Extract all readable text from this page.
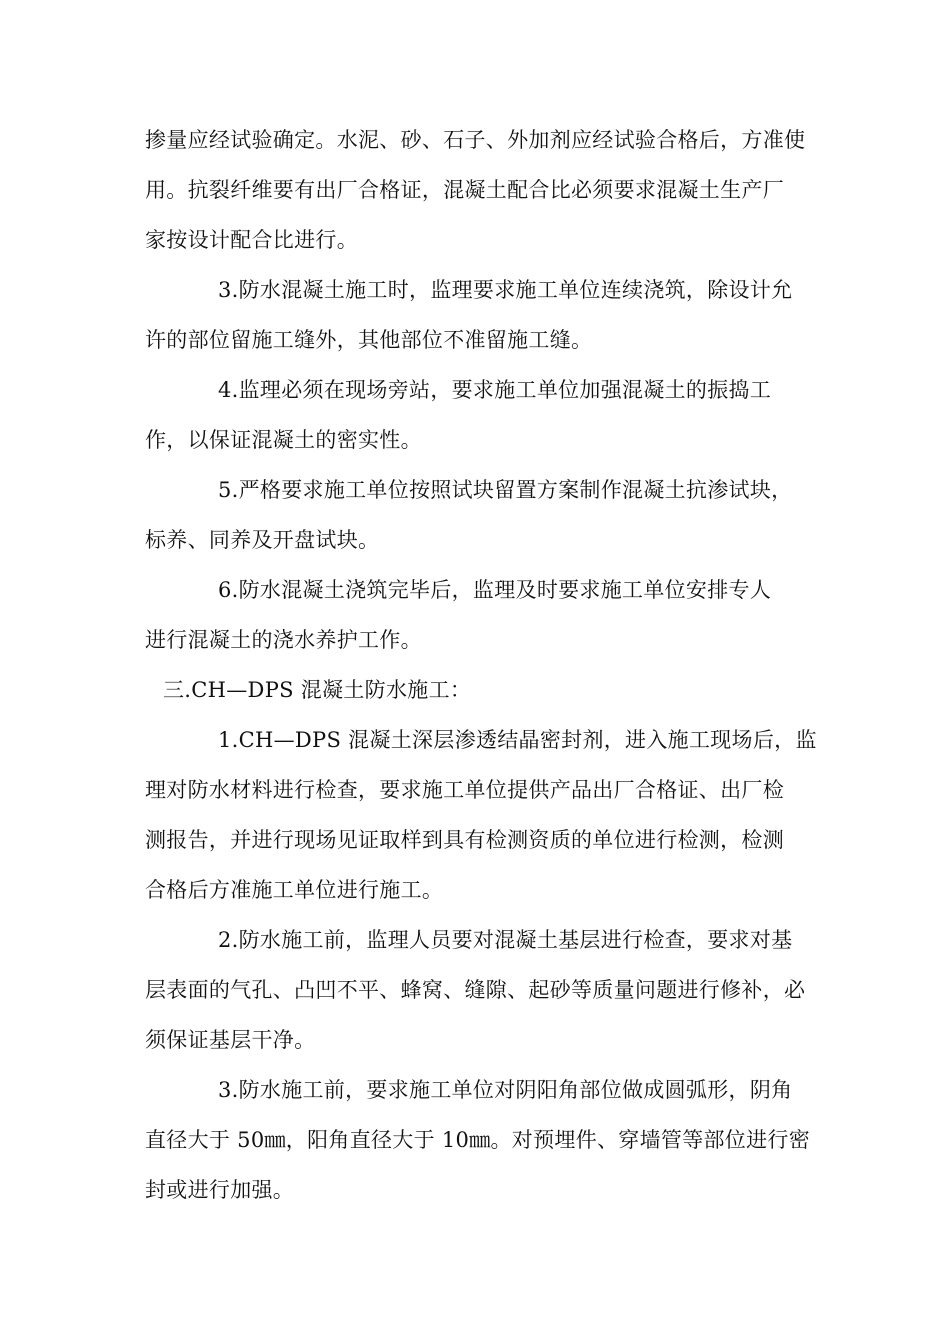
掺量应经试验确定。水泥、砂、石子、外加剂应经试验合格后，方准使
用。抗裂纤维要有出厂合格证，混凝土配合比必须要求混凝土生产厂
家按设计配合比进行。
3.防水混凝土施工时，监理要求施工单位连续浇筑，除设计允
许的部位留施工缝外，其他部位不准留施工缝。
4.监理必须在现场旁站，要求施工单位加强混凝土的振捣工
作，以保证混凝土的密实性。
5.严格要求施工单位按照试块留置方案制作混凝土抗渗试块，
标养、同养及开盘试块。
6.防水混凝土浇筑完毕后，监理及时要求施工单位安排专人
进行混凝土的浇水养护工作。
三.CH—DPS 混凝土防水施工：
1.CH—DPS 混凝土深层渗透结晶密封剂，进入施工现场后，监
理对防水材料进行检查，要求施工单位提供产品出厂合格证、出厂检
测报告，并进行现场见证取样到具有检测资质的单位进行检测，检测
合格后方准施工单位进行施工。
2.防水施工前，监理人员要对混凝土基层进行检查，要求对基
层表面的气孔、凸凹不平、蜂窝、缝隙、起砂等质量问题进行修补，必
须保证基层干净。
3.防水施工前，要求施工单位对阴阳角部位做成圆弧形，阴角
直径大于 50㎜，阳角直径大于 10㎜。对预埋件、穿墙管等部位进行密
封或进行加强。
